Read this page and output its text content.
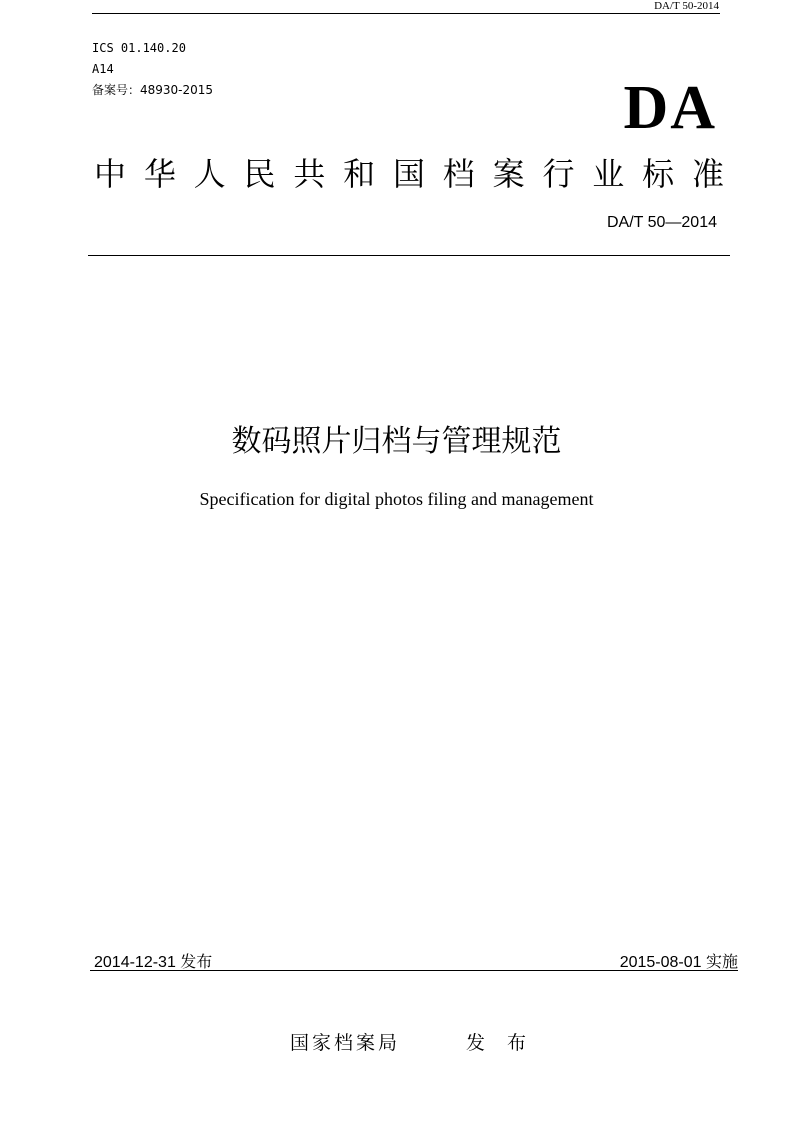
DA/T 50-2014
ICS 01.140.20
A14
备案号：48930-2015	DA
中 华 人 民 共 和 国 档 案 行 业 标 准
DA/T 50—2014
数码照片归档与管理规范
Specification for digital photos filing and management
2014-12-31 发布	2015-08-01 实施
国家档案局	发 布
